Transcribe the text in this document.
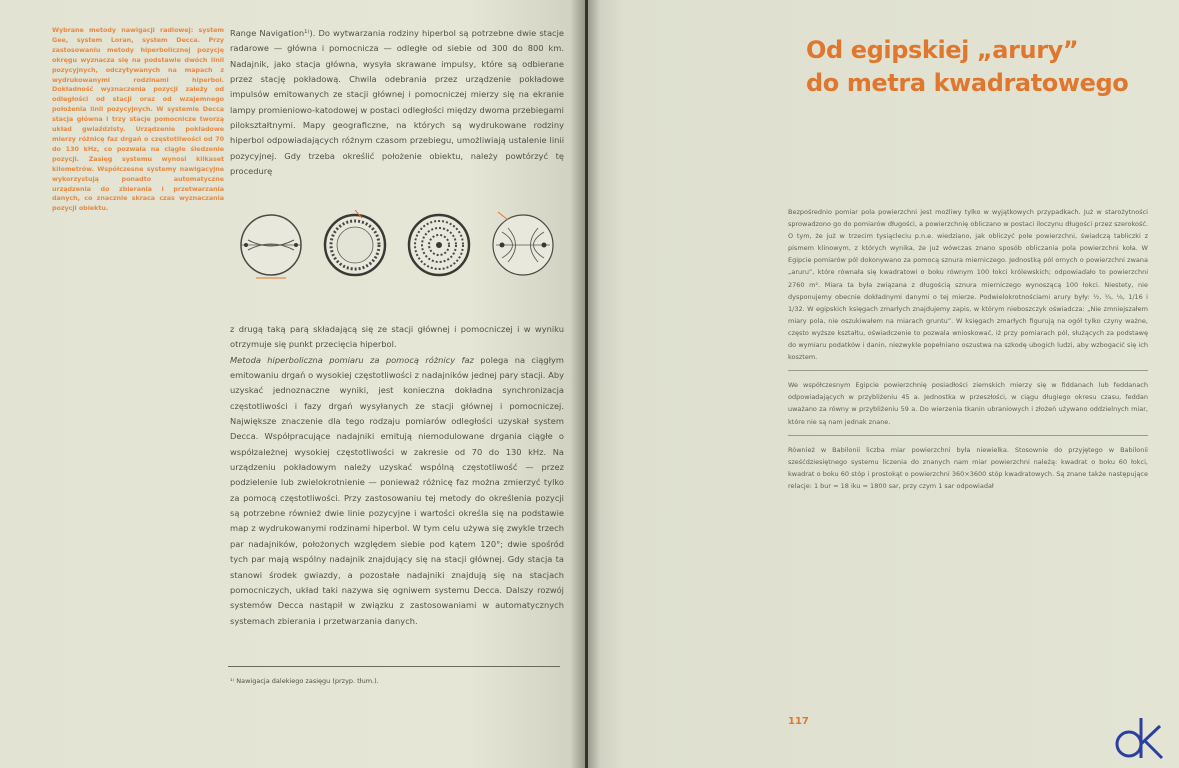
Wybrane metody nawigacji radiowej: system Gee, system Loran, system Decca. Przy zastosowaniu metody hiperbolicznej pozycję okręgu wyznacza się na podstawie dwóch linii pozycyjnych, odczytywanych na mapach z wydrukowanymi rodzinami hiperbol. Dokładność wyznaczenia pozycji zależy od odległości od stacji oraz od wzajemnego położenia linii pozycyjnych. W systemie Decca stacja główna i trzy stacje pomocnicze tworzą układ gwiaździsty. Urządzenie pokładowe mierzy różnicę faz drgań o częstotliwości od 70 do 130 kHz, co pozwala na ciągłe śledzenie pozycji. Zasięg systemu wynosi kilkaset kilometrów. Współczesne systemy nawigacyjne wykorzystują ponadto automatyczne urządzenia do zbierania i przetwarzania danych, co znacznie skraca czas wyznaczania pozycji obiektu.

Range Navigation¹⁾). Do wytwarzania rodziny hiperbol są potrzebne dwie stacje radarowe — główna i pomocnicza — odległe od siebie od 300 do 800 km. Nadajnik, jako stacja główna, wysyła skrawane impulsy, które są odbierane przez stację pokładową. Chwila odebrania przez urządzenie pokładowe impulsów emitowanych ze stacji głównej i pomocniczej mierzy się na ekranie lampy promieniowo-katodowej w postaci odległości między dwoma przebiegami pilokształtnymi. Mapy geograficzne, na których są wydrukowane rodziny hiperbol odpowiadających różnym czasom przebiegu, umożliwiają ustalenie linii pozycyjnej. Gdy trzeba określić położenie obiektu, należy powtórzyć tę procedurę

z drugą taką parą składającą się ze stacji głównej i pomocniczej i w wyniku otrzymuje się punkt przecięcia hiperbol.
Metoda hiperboliczna pomiaru za pomocą różnicy faz polega na ciągłym emitowaniu drgań o wysokiej częstotliwości z nadajników jednej pary stacji. Aby uzyskać jednoznaczne wyniki, jest konieczna dokładna synchronizacja częstotliwości i fazy drgań wysyłanych ze stacji głównej i pomocniczej. Największe znaczenie dla tego rodzaju pomiarów odległości uzyskał system Decca. Współpracujące nadajniki emitują niemodulowane drgania ciągłe o współzależnej wysokiej częstotliwości w zakresie od 70 do 130 kHz. Na urządzeniu pokładowym należy uzyskać wspólną częstotliwość — przez podzielenie lub zwielokrotnienie — ponieważ różnicę faz można zmierzyć tylko za pomocą częstotliwości. Przy zastosowaniu tej metody do określenia pozycji są potrzebne również dwie linie pozycyjne i wartości określa się na podstawie map z wydrukowanymi rodzinami hiperbol. W tym celu używa się zwykle trzech par nadajników, położonych względem siebie pod kątem 120°; dwie spośród tych par mają wspólny nadajnik znajdujący się na stacji głównej. Gdy stacja ta stanowi środek gwiazdy, a pozostałe nadajniki znajdują się na stacjach pomocniczych, układ taki nazywa się ogniwem systemu Decca. Dalszy rozwój systemów Decca nastąpił w związku z zastosowaniami w automatycznych systemach zbierania i przetwarzania danych.

¹⁾ Nawigacja dalekiego zasięgu (przyp. tłum.).
Od egipskiej „arury”
do metra kwadratowego

Bezpośrednio pomiar pola powierzchni jest możliwy tylko w wyjątkowych przypadkach. Już w starożytności sprowadzono go do pomiarów długości, a powierzchnię obliczano w postaci iloczynu długości przez szerokość. O tym, że już w trzecim tysiącleciu p.n.e. wiedziano, jak obliczyć pole powierzchni, świadczą tabliczki z pismem klinowym, z których wynika, że już wówczas znano sposób obliczania pola powierzchni koła. W Egipcie pomiarów pól dokonywano za pomocą sznura mierniczego. Jednostką pól ornych o powierzchni zwana „aruru”, które równała się kwadratowi o boku równym 100 łokci królewskich; odpowiadało to powierzchni 2760 m². Miara ta była związana z długością sznura mierniczego wynoszącą 100 łokci. Niestety, nie dysponujemy obecnie dokładnymi danymi o tej mierze. Podwielokrotnościami arury były: ½, ¼, ⅛, 1/16 i 1/32. W egipskich księgach zmarłych znajdujemy zapis, w którym nieboszczyk oświadcza: „Nie zmniejszałem miary pola, nie oszukiwałem na miarach gruntu”. W księgach zmarłych figurują na ogół tylko czyny ważne, często wyższe kształtu, oświadczenie to pozwala wnioskować, iż przy pomiarach pól, służących za podstawę do wymiaru podatków i danin, niezwykle popełniano oszustwa na szkodę ubogich ludzi, aby wzbogacić się ich kosztem.

We współczesnym Egipcie powierzchnię posiadłości ziemskich mierzy się w fiddanach lub feddanach odpowiadających w przybliżeniu 45 a. Jednostka w przeszłości, w ciągu długiego okresu czasu, feddan uważano za równy w przybliżeniu 59 a. Do wierzenia tkanin ubraniowych i złożeń używano oddzielnych miar, które nie są nam jednak znane.

Również w Babilonii liczba miar powierzchni była niewielka. Stosownie do przyjętego w Babilonii sześćdziesiętnego systemu liczenia do znanych nam miar powierzchni należą: kwadrat o boku 60 łokci, kwadrat o boku 60 stóp i prostokąt o powierzchni 360×3600 stóp kwadratowych. Są znane także następujące relacje: 1 bur = 18 iku = 1800 sar, przy czym 1 sar odpowiadał

117
